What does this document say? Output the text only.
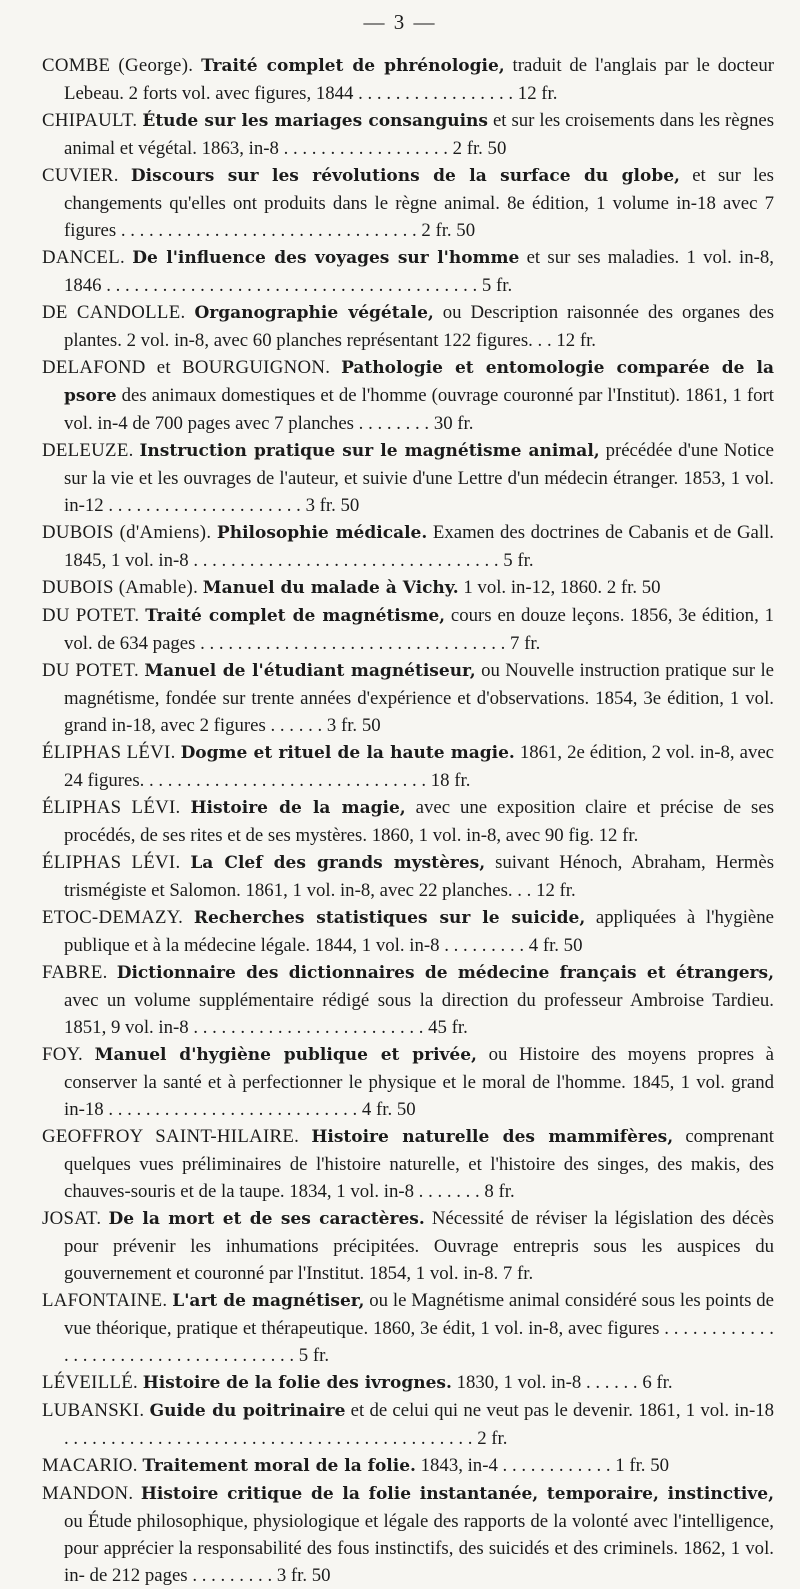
— 3 —
COMBE (George). Traité complet de phrénologie, traduit de l'anglais par le docteur Lebeau. 2 forts vol. avec figures, 1844 . . . . . . . . . . . . . . . . . 12 fr.
CHIPAULT. Étude sur les mariages consanguins et sur les croisements dans les règnes animal et végétal. 1863, in-8 . . . . . . . . . . . . . . . . . . 2 fr. 50
CUVIER. Discours sur les révolutions de la surface du globe, et sur les changements qu'elles ont produits dans le règne animal. 8e édition, 1 volume in-18 avec 7 figures . . . . . . . . . . . . . . . . . . . . . . . . . . . . . . . . 2 fr. 50
DANCEL. De l'influence des voyages sur l'homme et sur ses maladies. 1 vol. in-8, 1846 . . . . . . . . . . . . . . . . . . . . . . . . . . . . . . . . . . . . . . . . 5 fr.
DE CANDOLLE. Organographie végétale, ou Description raisonnée des organes des plantes. 2 vol. in-8, avec 60 planches représentant 122 figures. . . 12 fr.
DELAFOND et BOURGUIGNON. Pathologie et entomologie comparée de la psore des animaux domestiques et de l'homme (ouvrage couronné par l'Institut). 1861, 1 fort vol. in-4 de 700 pages avec 7 planches . . . . . . . . 30 fr.
DELEUZE. Instruction pratique sur le magnétisme animal, précédée d'une Notice sur la vie et les ouvrages de l'auteur, et suivie d'une Lettre d'un médecin étranger. 1853, 1 vol. in-12 . . . . . . . . . . . . . . . . . . . . . 3 fr. 50
DUBOIS (d'Amiens). Philosophie médicale. Examen des doctrines de Cabanis et de Gall. 1845, 1 vol. in-8 . . . . . . . . . . . . . . . . . . . . . . . . . . . . . . . . . 5 fr.
DUBOIS (Amable). Manuel du malade à Vichy. 1 vol. in-12, 1860. 2 fr. 50
DU POTET. Traité complet de magnétisme, cours en douze leçons. 1856, 3e édition, 1 vol. de 634 pages . . . . . . . . . . . . . . . . . . . . . . . . . . . . . . . . . 7 fr.
DU POTET. Manuel de l'étudiant magnétiseur, ou Nouvelle instruction pratique sur le magnétisme, fondée sur trente années d'expérience et d'observations. 1854, 3e édition, 1 vol. grand in-18, avec 2 figures . . . . . . 3 fr. 50
ÉLIPHAS LÉVI. Dogme et rituel de la haute magie. 1861, 2e édition, 2 vol. in-8, avec 24 figures. . . . . . . . . . . . . . . . . . . . . . . . . . . . . . . 18 fr.
ÉLIPHAS LÉVI. Histoire de la magie, avec une exposition claire et précise de ses procédés, de ses rites et de ses mystères. 1860, 1 vol. in-8, avec 90 fig. 12 fr.
ÉLIPHAS LÉVI. La Clef des grands mystères, suivant Hénoch, Abraham, Hermès trismégiste et Salomon. 1861, 1 vol. in-8, avec 22 planches. . . 12 fr.
ETOC-DEMAZY. Recherches statistiques sur le suicide, appliquées à l'hygiène publique et à la médecine légale. 1844, 1 vol. in-8 . . . . . . . . . 4 fr. 50
FABRE. Dictionnaire des dictionnaires de médecine français et étrangers, avec un volume supplémentaire rédigé sous la direction du professeur Ambroise Tardieu. 1851, 9 vol. in-8 . . . . . . . . . . . . . . . . . . . . . . . . . 45 fr.
FOY. Manuel d'hygiène publique et privée, ou Histoire des moyens propres à conserver la santé et à perfectionner le physique et le moral de l'homme. 1845, 1 vol. grand in-18 . . . . . . . . . . . . . . . . . . . . . . . . . . . 4 fr. 50
GEOFFROY SAINT-HILAIRE. Histoire naturelle des mammifères, comprenant quelques vues préliminaires de l'histoire naturelle, et l'histoire des singes, des makis, des chauves-souris et de la taupe. 1834, 1 vol. in-8 . . . . . . . 8 fr.
JOSAT. De la mort et de ses caractères. Nécessité de réviser la législation des décès pour prévenir les inhumations précipitées. Ouvrage entrepris sous les auspices du gouvernement et couronné par l'Institut. 1854, 1 vol. in-8. 7 fr.
LAFONTAINE. L'art de magnétiser, ou le Magnétisme animal considéré sous les points de vue théorique, pratique et thérapeutique. 1860, 3e édit, 1 vol. in-8, avec figures . . . . . . . . . . . . . . . . . . . . . . . . . . . . . . . . . . . . . 5 fr.
LÉVEILLÉ. Histoire de la folie des ivrognes. 1830, 1 vol. in-8 . . . . . . 6 fr.
LUBANSKI. Guide du poitrinaire et de celui qui ne veut pas le devenir. 1861, 1 vol. in-18 . . . . . . . . . . . . . . . . . . . . . . . . . . . . . . . . . . . . . . . . . . . . 2 fr.
MACARIO. Traitement moral de la folie. 1843, in-4 . . . . . . . . . . . . 1 fr. 50
MANDON. Histoire critique de la folie instantanée, temporaire, instinctive, ou Étude philosophique, physiologique et légale des rapports de la volonté avec l'intelligence, pour apprécier la responsabilité des fous instinctifs, des suicidés et des criminels. 1862, 1 vol. in- de 212 pages . . . . . . . . . 3 fr. 50
